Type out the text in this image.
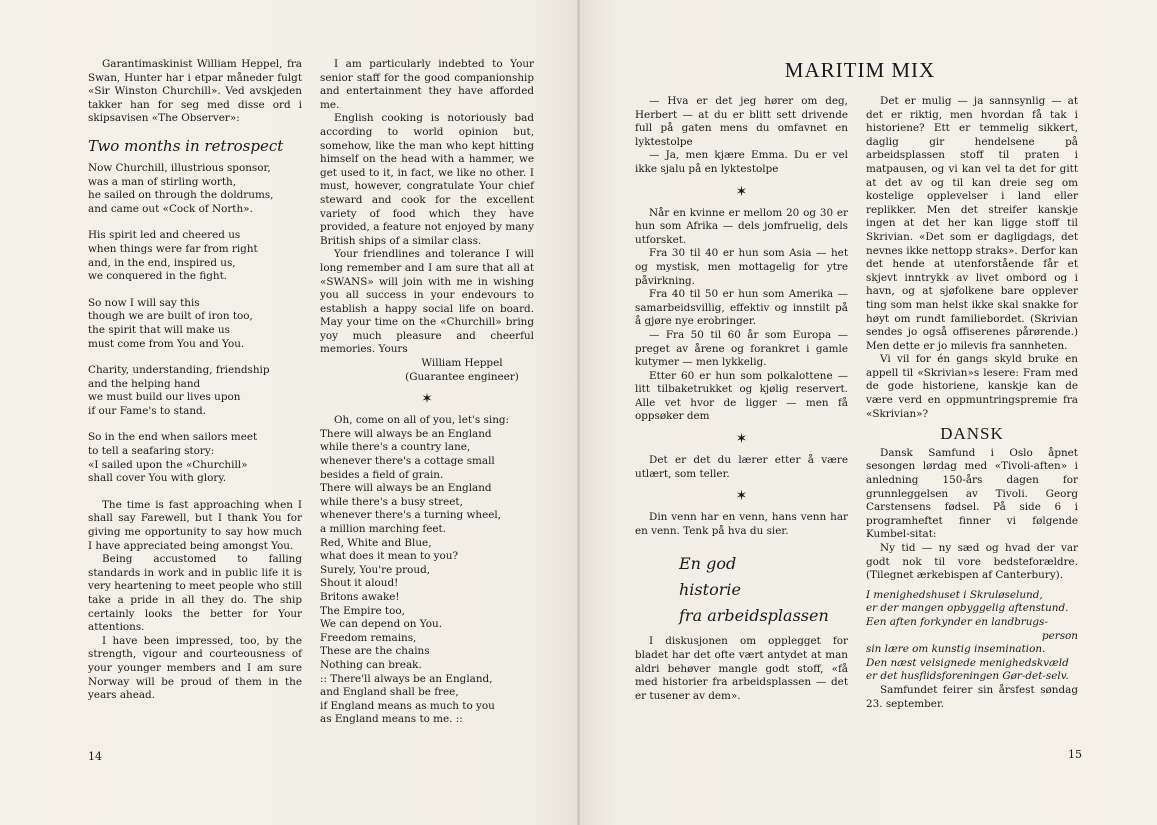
Garantimaskinist William Heppel, fra Swan, Hunter har i etpar måneder fulgt «Sir Winston Churchill». Ved avskjeden takker han for seg med disse ord i skipsavisen «The Observer»:

Two months in retrospect

Now Churchill, illustrious sponsor,

was a man of stirling worth,

he sailed on through the doldrums,

and came out «Cock of North».

His spirit led and cheered us

when things were far from right

and, in the end, inspired us,

we conquered in the fight.

So now I will say this

though we are built of iron too,

the spirit that will make us

must come from You and You.

Charity, understanding, friendship

and the helping hand

we must build our lives upon

if our Fame's to stand.

So in the end when sailors meet

to tell a seafaring story:

«I sailed upon the «Churchill»

shall cover You with glory.

The time is fast approaching when I shall say Farewell, but I thank You for giving me opportunity to say how much I have appreciated being amongst You.

Being accustomed to falling standards in work and in public life it is very heartening to meet people who still take a pride in all they do. The ship certainly looks the better for Your attentions.

I have been impressed, too, by the strength, vigour and courteousness of your younger members and I am sure Norway will be proud of them in the years ahead.

I am particularly indebted to Your senior staff for the good companionship and entertainment they have afforded me.

English cooking is notoriously bad according to world opinion but, somehow, like the man who kept hitting himself on the head with a hammer, we get used to it, in fact, we like no other. I must, however, congratulate Your chief steward and cook for the excellent variety of food which they have provided, a feature not enjoyed by many British ships of a similar class.

Your friendlines and tolerance I will long remember and I am sure that all at «SWANS» will join with me in wishing you all success in your endevours to establish a happy social life on board. May your time on the «Churchill» bring yoy much pleasure and cheerful memories. Yours

William Heppel

(Guarantee engineer)

✶

Oh, come on all of you, let's sing:

There will always be an England

while there's a country lane,

whenever there's a cottage small

besides a field of grain.

There will always be an England

while there's a busy street,

whenever there's a turning wheel,

a million marching feet.

Red, White and Blue,

what does it mean to you?

Surely, You're proud,

Shout it aloud!

Britons awake!

The Empire too,

We can depend on You.

Freedom remains,

These are the chains

Nothing can break.

:: There'll always be an England,

and England shall be free,

if England means as much to you

as England means to me. ::

14
MARITIM MIX

— Hva er det jeg hører om deg, Herbert — at du er blitt sett drivende full på gaten mens du omfavnet en lyktestolpe

— Ja, men kjære Emma. Du er vel ikke sjalu på en lyktestolpe

✶

Når en kvinne er mellom 20 og 30 er hun som Afrika — dels jomfruelig, dels utforsket.

Fra 30 til 40 er hun som Asia — het og mystisk, men mottagelig for ytre påvirkning.

Fra 40 til 50 er hun som Amerika — samarbeidsvillig, effektiv og innstilt på å gjøre nye erobringer.

— Fra 50 til 60 år som Europa — preget av årene og forankret i gamle kutymer — men lykkelig.

Etter 60 er hun som polkalottene — litt tilbaketrukket og kjølig reservert. Alle vet hvor de ligger — men få oppsøker dem

✶

Det er det du lærer etter å være utlært, som teller.

✶

Din venn har en venn, hans venn har en venn. Tenk på hva du sier.

En god
historie
fra arbeidsplassen

I diskusjonen om opplegget for bladet har det ofte vært antydet at man aldri behøver mangle godt stoff, «få med historier fra arbeidsplassen — det er tusener av dem».

Det er mulig — ja sannsynlig — at det er riktig, men hvordan få tak i historiene? Ett er temmelig sikkert, daglig gir hendelsene på arbeidsplassen stoff til praten i matpausen, og vi kan vel ta det for gitt at det av og til kan dreie seg om kostelige opplevelser i land eller replikker. Men det streifer kanskje ingen at det her kan ligge stoff til Skrivian. «Det som er dagligdags, det nevnes ikke nettopp straks». Derfor kan det hende at utenforstående får et skjevt inntrykk av livet ombord og i havn, og at sjøfolkene bare opplever ting som man helst ikke skal snakke for høyt om rundt familiebordet. (Skrivian sendes jo også offiserenes pårørende.) Men dette er jo milevis fra sannheten.

Vi vil for én gangs skyld bruke en appell til «Skrivian»s lesere: Fram med de gode historiene, kanskje kan de være verd en oppmuntringspremie fra «Skrivian»?

DANSK

Dansk Samfund i Oslo åpnet sesongen lørdag med «Tivoli-aften» i anledning 150-års dagen for grunnleggelsen av Tivoli. Georg Carstensens fødsel. På side 6 i programheftet finner vi følgende Kumbel-sitat:

Ny tid — ny sæd og hvad der var godt nok til vore bedsteforældre. (Tilegnet ærkebispen af Canterbury).

I menighedshuset i Skruløselund,

er der mangen opbyggelig aftenstund.

Een aften forkynder en landbrugs-

person

sin lære om kunstig insemination.

Den næst velsignede menighedskvæld

er det husflidsforeningen Gør-det-selv.

Samfundet feirer sin årsfest søndag 23. september.

15
